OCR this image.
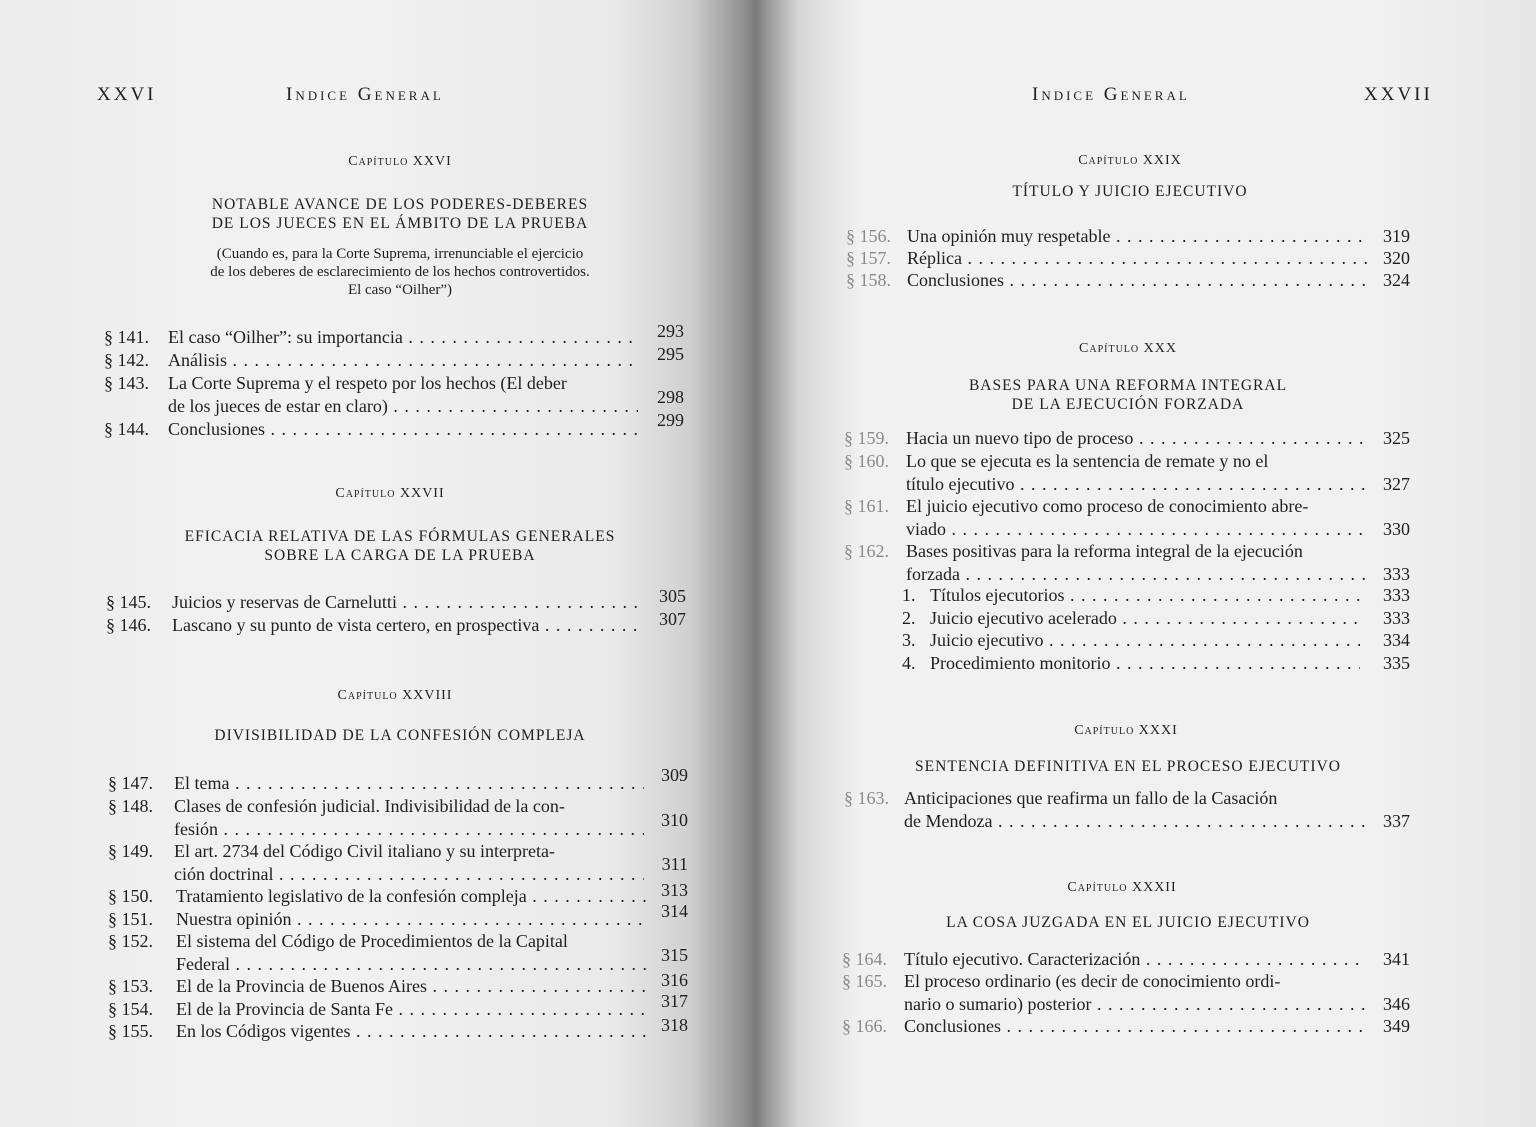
XXVI	Indice General
Capítulo XXVI
NOTABLE AVANCE DE LOS PODERES-DEBERES
DE LOS JUECES EN EL ÁMBITO DE LA PRUEBA
(Cuando es, para la Corte Suprema, irrenunciable el ejercicio
de los deberes de esclarecimiento de los hechos controvertidos.
El caso “Oilher”)
§ 141. El caso “Oilher”: su importancia . . .	293
§ 142. Análisis . . .	295
§ 143. La Corte Suprema y el respeto por los hechos (El deber
de los jueces de estar en claro) . . .	298
§ 144. Conclusiones . . .	299
Capítulo XXVII
EFICACIA RELATIVA DE LAS FÓRMULAS GENERALES
SOBRE LA CARGA DE LA PRUEBA
§ 145. Juicios y reservas de Carnelutti . . .	305
§ 146. Lascano y su punto de vista certero, en prospectiva . . .	307
Capítulo XXVIII
DIVISIBILIDAD DE LA CONFESIÓN COMPLEJA
§ 147. El tema . . .	309
§ 148. Clases de confesión judicial. Indivisibilidad de la con-
fesión . . .	310
§ 149. El art. 2734 del Código Civil italiano y su interpreta-
ción doctrinal . . .	311
§ 150. Tratamiento legislativo de la confesión compleja . . .	313
§ 151. Nuestra opinión . . .	314
§ 152. El sistema del Código de Procedimientos de la Capital
Federal . . .	315
§ 153. El de la Provincia de Buenos Aires . . .	316
§ 154. El de la Provincia de Santa Fe . . .	317
§ 155. En los Códigos vigentes . . .	318
Indice General	XXVII
Capítulo XXIX
TÍTULO Y JUICIO EJECUTIVO
§ 156. Una opinión muy respetable . . .	319
§ 157. Réplica . . .	320
§ 158. Conclusiones . . .	324
Capítulo XXX
BASES PARA UNA REFORMA INTEGRAL
DE LA EJECUCIÓN FORZADA
§ 159. Hacia un nuevo tipo de proceso . . .	325
§ 160. Lo que se ejecuta es la sentencia de remate y no el
título ejecutivo . . .	327
§ 161. El juicio ejecutivo como proceso de conocimiento abre-
viado . . .	330
§ 162. Bases positivas para la reforma integral de la ejecución
forzada . . .	333
1. Títulos ejecutorios . . .	333
2. Juicio ejecutivo acelerado . . .	333
3. Juicio ejecutivo . . .	334
4. Procedimiento monitorio . . .	335
Capítulo XXXI
SENTENCIA DEFINITIVA EN EL PROCESO EJECUTIVO
§ 163. Anticipaciones que reafirma un fallo de la Casación
de Mendoza . . .	337
Capítulo XXXII
LA COSA JUZGADA EN EL JUICIO EJECUTIVO
§ 164. Título ejecutivo. Caracterización . . .	341
§ 165. El proceso ordinario (es decir de conocimiento ordi-
nario o sumario) posterior . . .	346
§ 166. Conclusiones . . .	349
